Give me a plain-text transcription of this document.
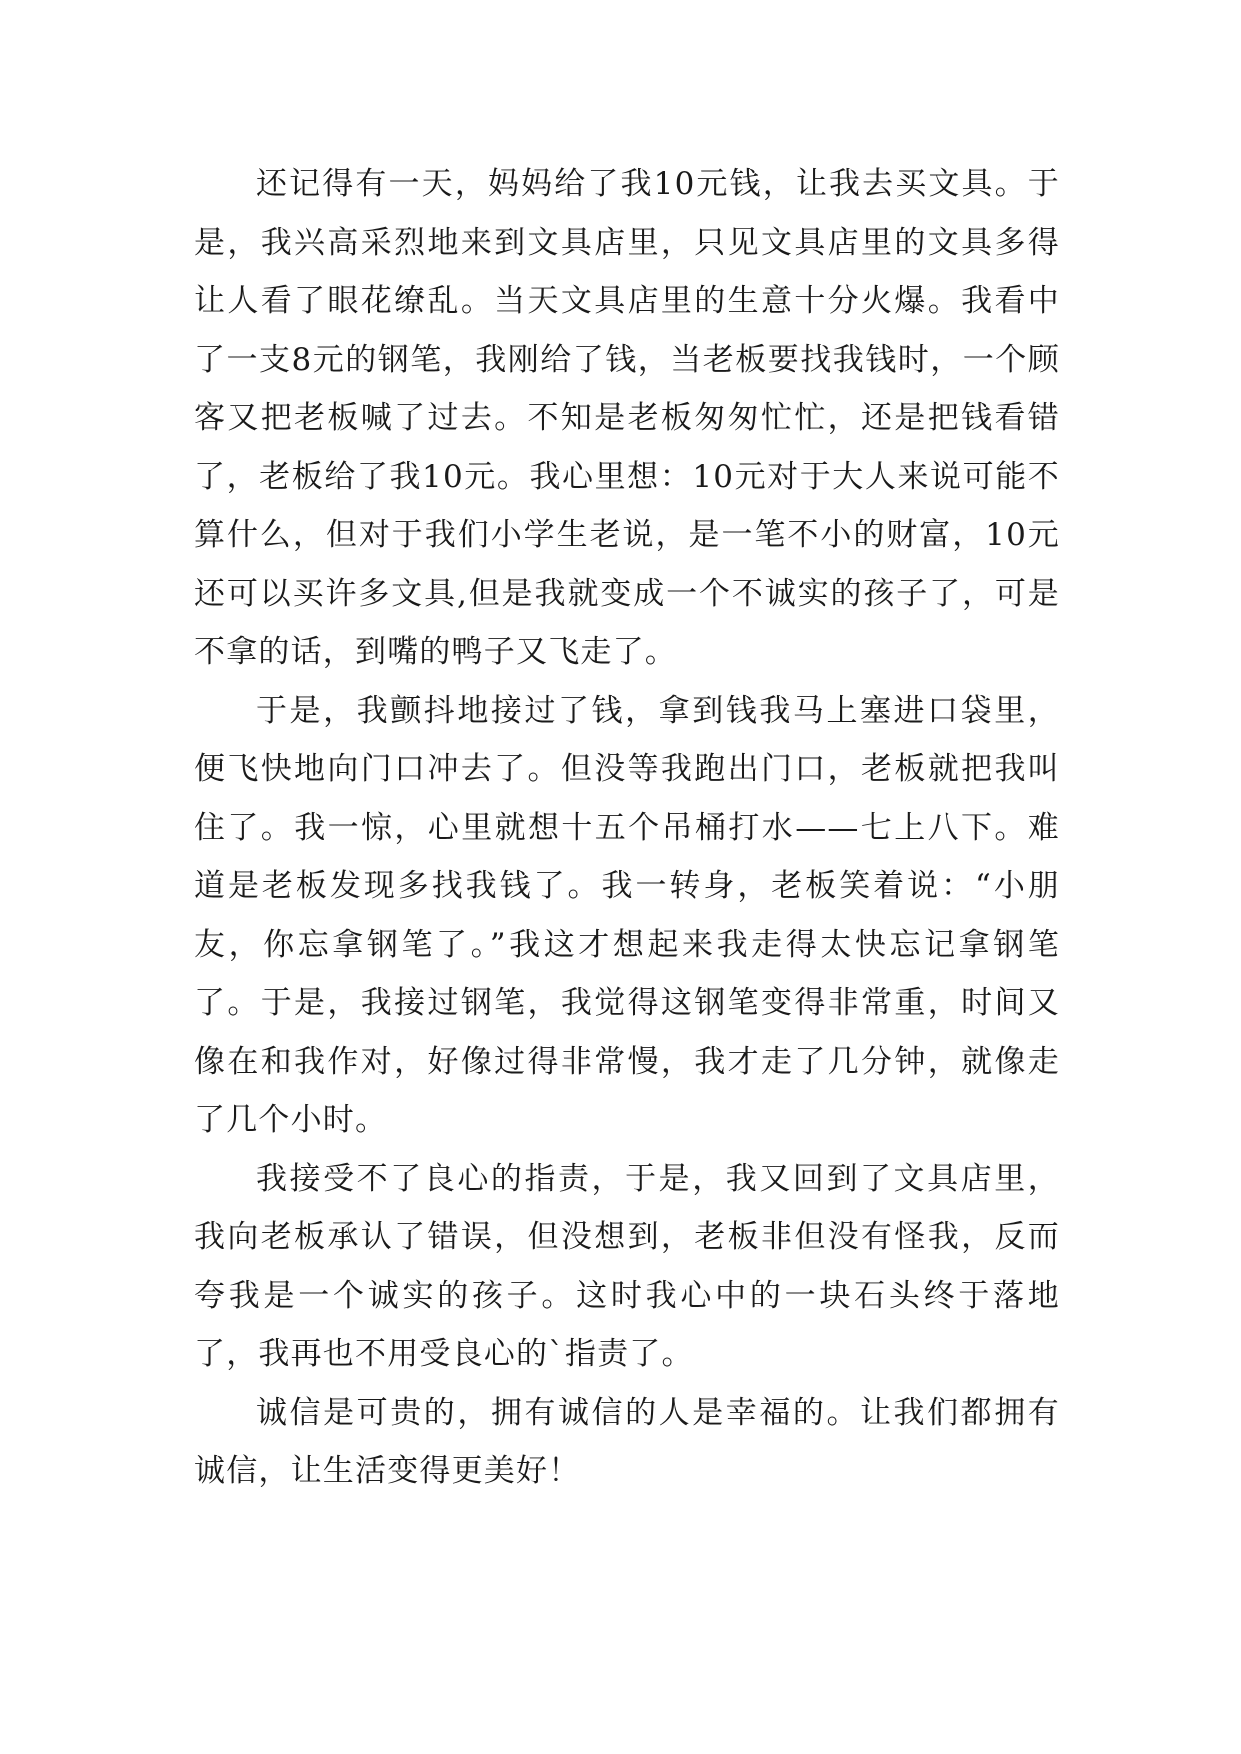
还记得有一天，妈妈给了我10元钱，让我去买文具。于是，我兴高采烈地来到文具店里，只见文具店里的文具多得让人看了眼花缭乱。当天文具店里的生意十分火爆。我看中了一支8元的钢笔，我刚给了钱，当老板要找我钱时，一个顾客又把老板喊了过去。不知是老板匆匆忙忙，还是把钱看错了，老板给了我10元。我心里想：10元对于大人来说可能不算什么，但对于我们小学生老说，是一笔不小的财富，10元还可以买许多文具,但是我就变成一个不诚实的孩子了，可是不拿的话，到嘴的鸭子又飞走了。

于是，我颤抖地接过了钱，拿到钱我马上塞进口袋里，便飞快地向门口冲去了。但没等我跑出门口，老板就把我叫住了。我一惊，心里就想十五个吊桶打水——七上八下。难道是老板发现多找我钱了。我一转身，老板笑着说：“小朋友，你忘拿钢笔了。”我这才想起来我走得太快忘记拿钢笔了。于是，我接过钢笔，我觉得这钢笔变得非常重，时间又像在和我作对，好像过得非常慢，我才走了几分钟，就像走了几个小时。

我接受不了良心的指责，于是，我又回到了文具店里，我向老板承认了错误，但没想到，老板非但没有怪我，反而夸我是一个诚实的孩子。这时我心中的一块石头终于落地了，我再也不用受良心的`指责了。

诚信是可贵的，拥有诚信的人是幸福的。让我们都拥有诚信，让生活变得更美好！
